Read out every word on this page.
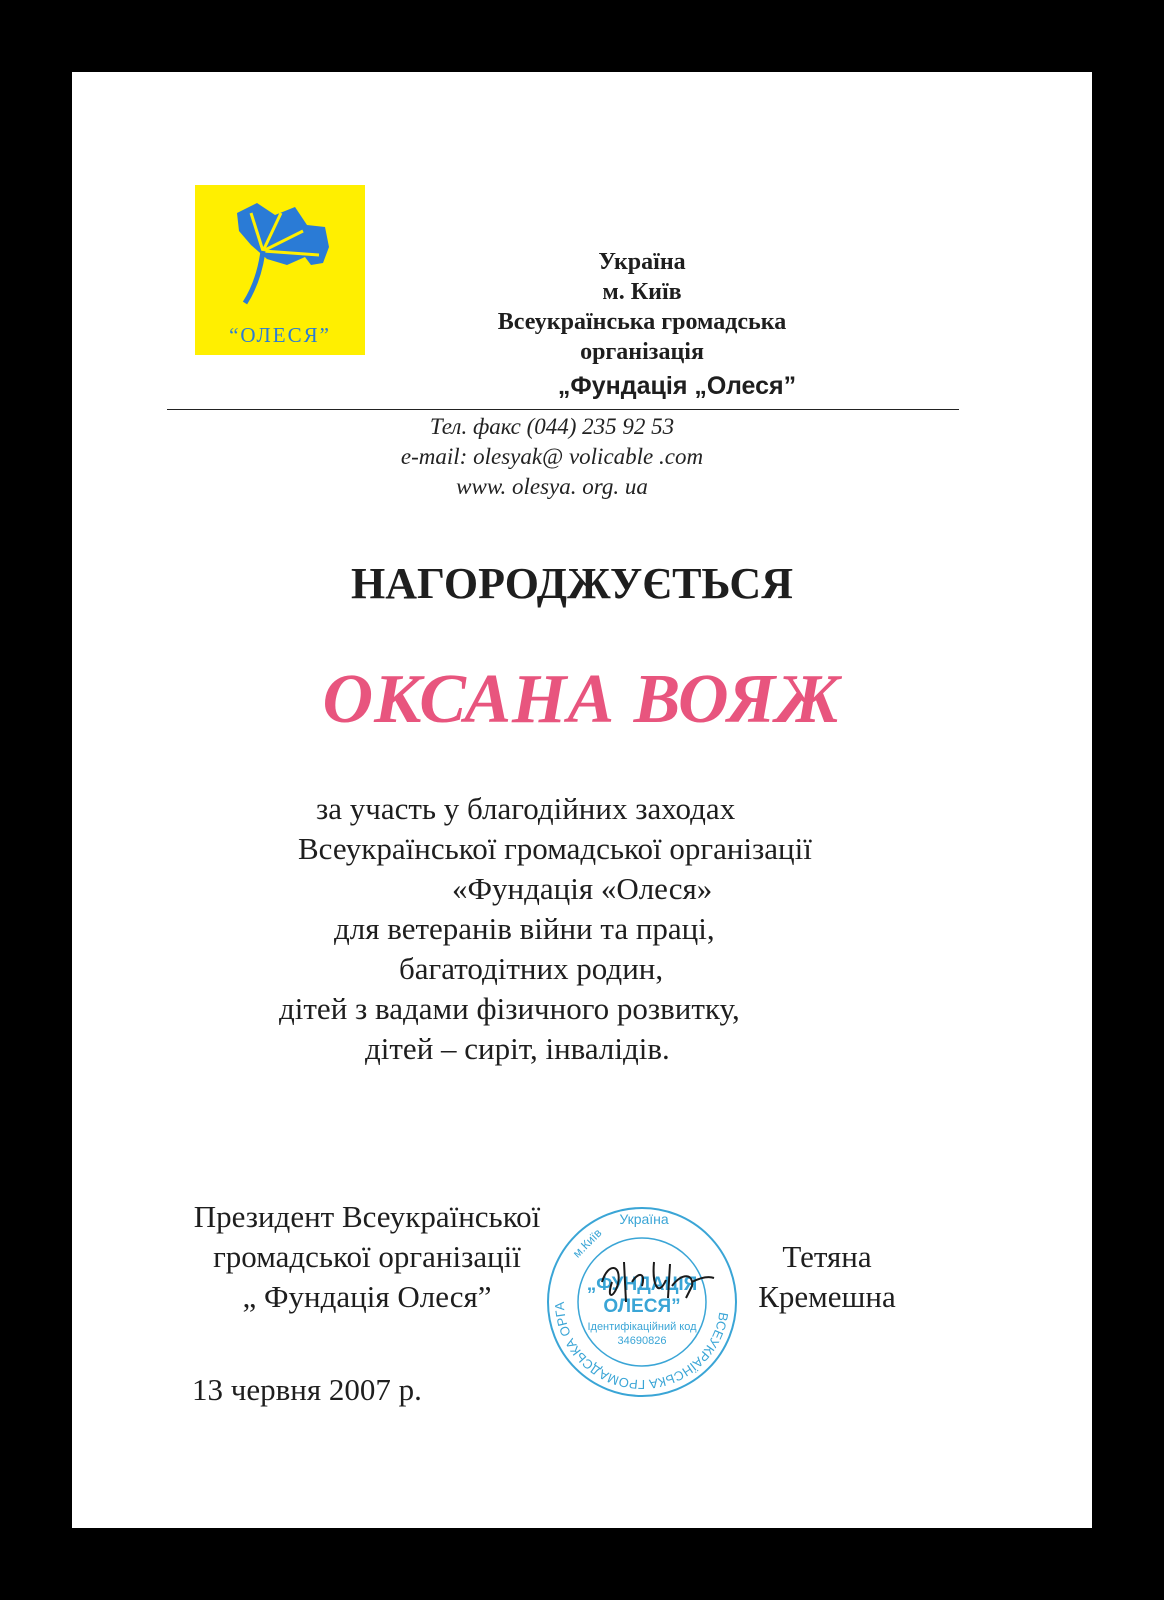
“ОЛЕСЯ”
Україна
м. Київ
Всеукраїнська громадська організація
„Фундація „Олеся”
Тел. факс (044) 235 92 53
e-mail: olesyak@ volicable .com
www. olesya. org. ua
НАГОРОДЖУЄТЬСЯ
ОКСАНА ВОЯЖ
за участь у благодійних заходах
Всеукраїнської громадської організації
«Фундація «Олеся»
для ветеранів війни та праці,
багатодітних родин,
дітей з вадами фізичного розвитку,
дітей – сиріт, інвалідів.
Президент Всеукраїнської
громадської організації
„ Фундація Олеся”
ВСЕУКРАЇНСЬКА ГРОМАДСЬКА ОРГА
Україна
м.Київ
„ФУНДАЦІЯ
ОЛЕСЯ”
Ідентифікаційний код
34690826
Тетяна
Кремешна
13 червня 2007 р.
